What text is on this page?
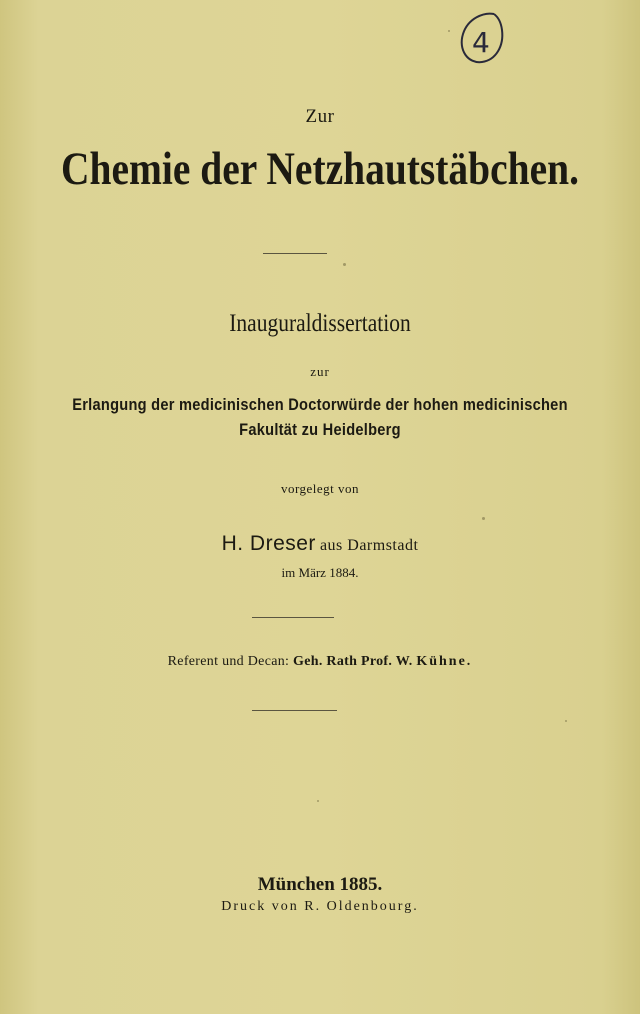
4
Zur
Chemie der Netzhautstäbchen.
Inauguraldissertation
zur
Erlangung der medicinischen Doctorwürde der hohen medicinischen
Fakultät zu Heidelberg
vorgelegt von
H. Dreser aus Darmstadt
im März 1884.
Referent und Decan: Geh. Rath Prof. W. Kühne.
München 1885.
Druck von R. Oldenbourg.
